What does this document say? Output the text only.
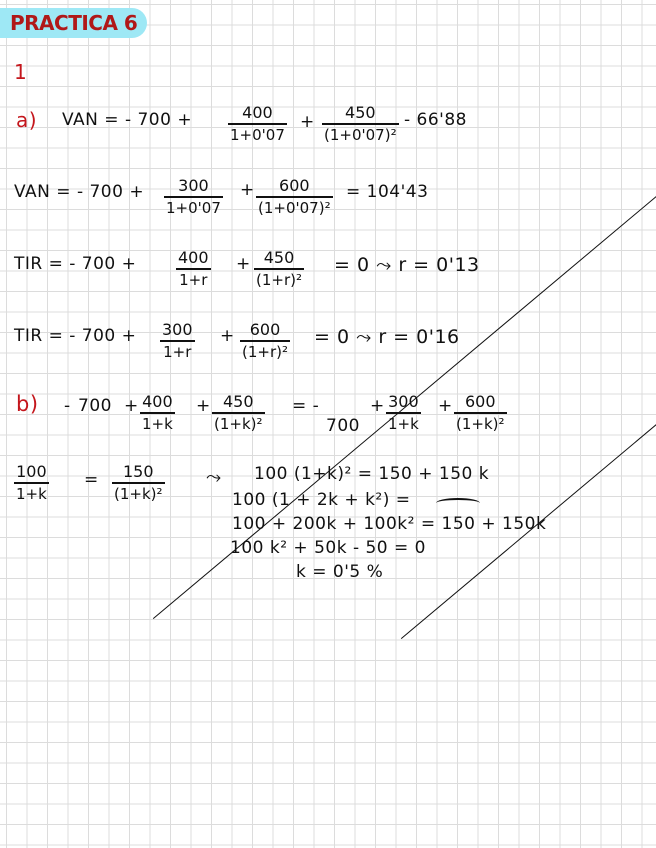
PRACTICA 6
1
a) VAN = - 700 +	400
1+0'07
+ 450
(1+0'07)²
- 66'88
VAN = - 700 + 300
1+0'07
+ 600
(1+0'07)²
= 104'43
TIR = - 700 +	400
1+r
+ 450
(1+r)²
= 0 ⤳ r = 0'13
TIR = - 700 + 300
1+r
+ 600
(1+r)²
= 0 ⤳ r = 0'16
b) - 700 + 400
1+k
+ 450
(1+k)²
= -
700
+ 300
1+k
+ 600
(1+k)²
100
1+k
= 150
(1+k)²
⤳ 100 (1+k)² = 150 + 150 k
100 (1 + 2k + k²) =
100 + 200k + 100k² = 150 + 150k
100 k² + 50k - 50 = 0
k = 0'5 %
